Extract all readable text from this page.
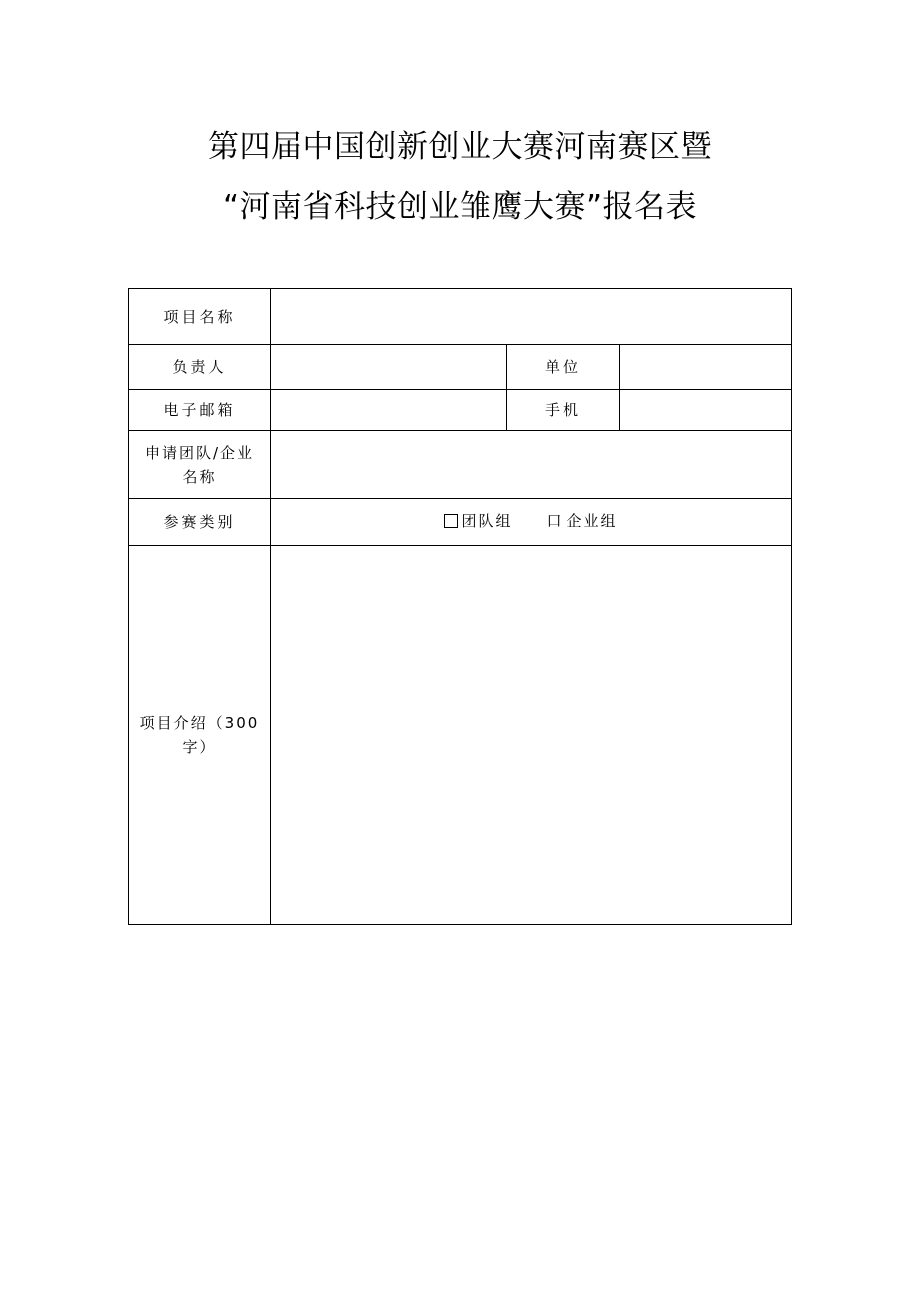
第四届中国创新创业大赛河南赛区暨
“河南省科技创业雏鹰大赛”报名表
项目名称			
负责人		单位	
电子邮箱		手机	
申请团队/企业名称			
参赛类别	团队组 口 企业组		

项目介绍（300字）			
